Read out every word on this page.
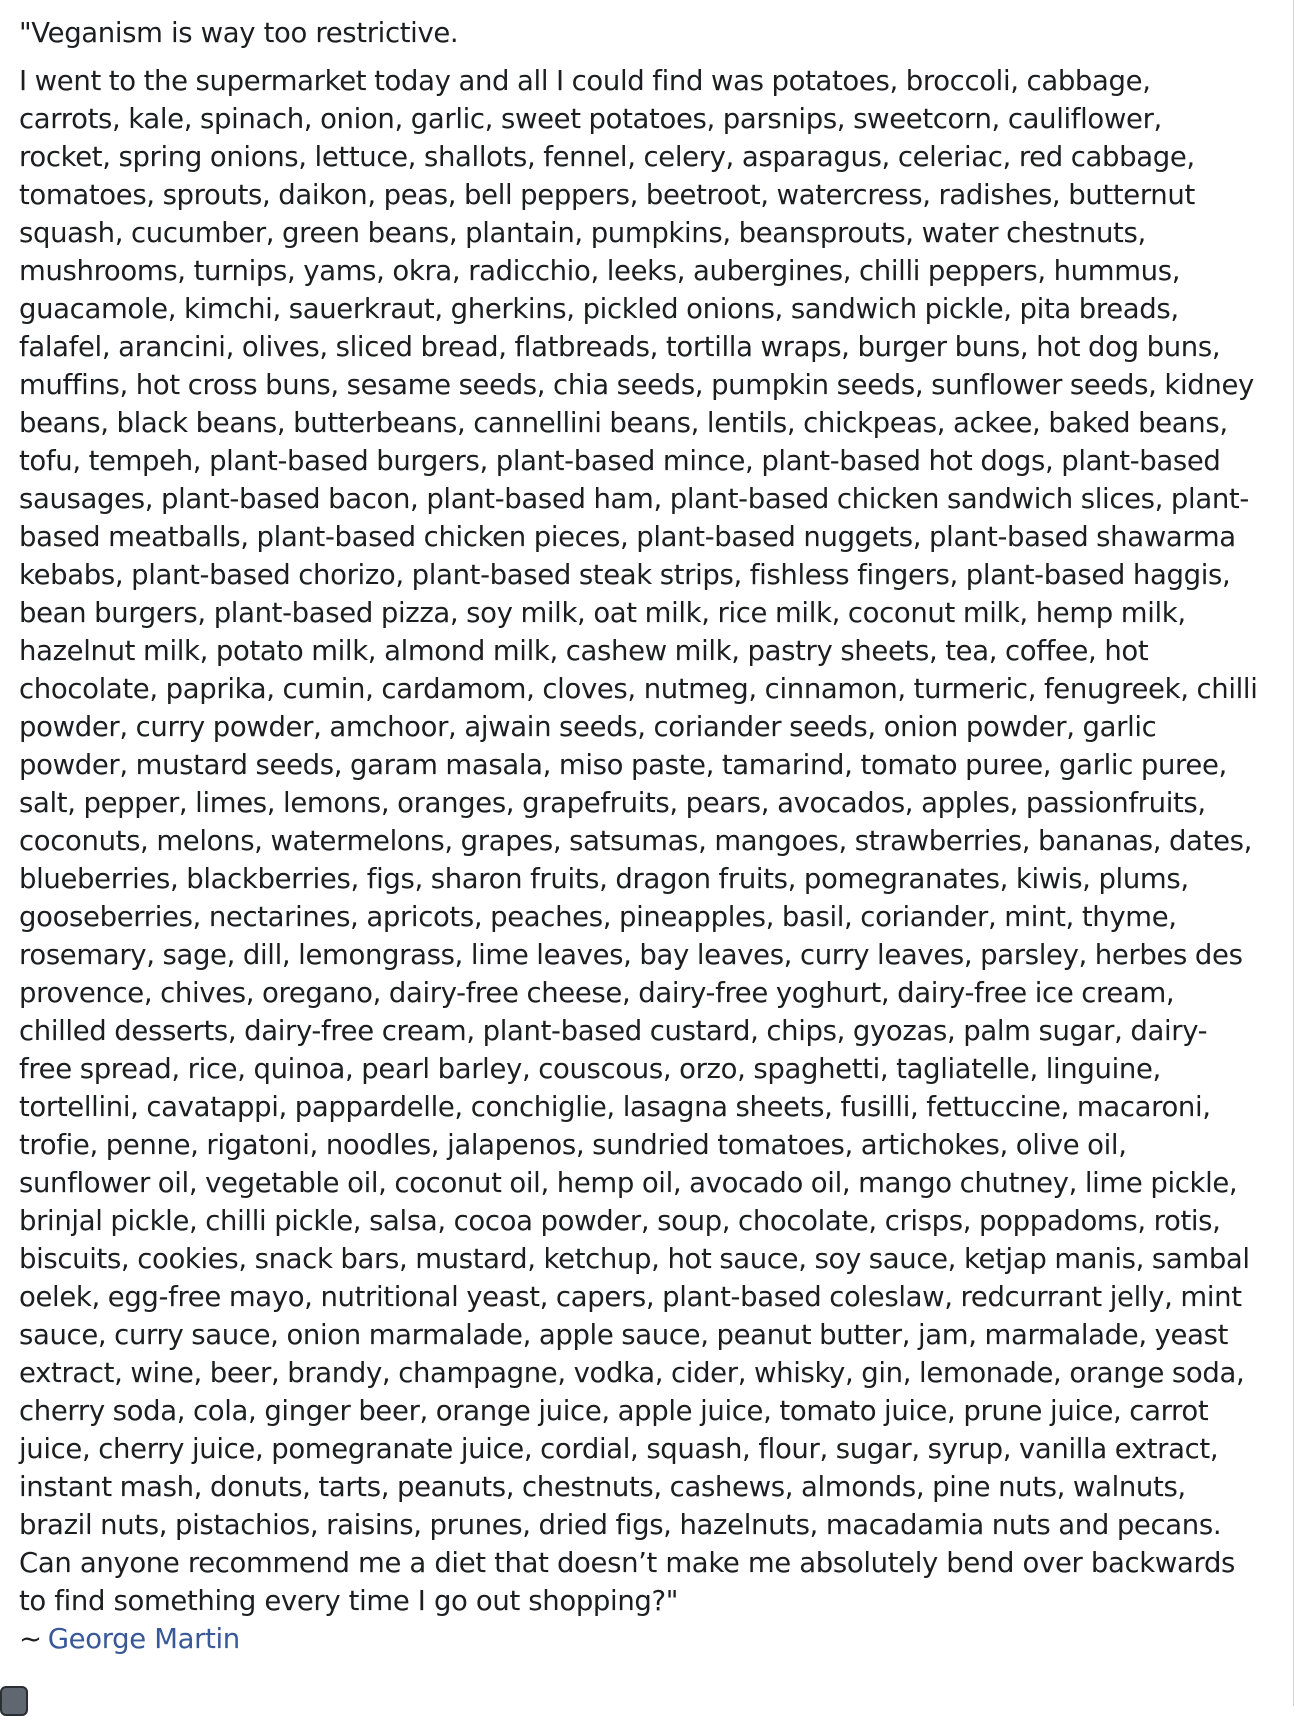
"Veganism is way too restrictive.

I went to the supermarket today and all I could find was potatoes, broccoli, cabbage, carrots, kale, spinach, onion, garlic, sweet potatoes, parsnips, sweetcorn, cauliflower, rocket, spring onions, lettuce, shallots, fennel, celery, asparagus, celeriac, red cabbage, tomatoes, sprouts, daikon, peas, bell peppers, beetroot, watercress, radishes, butternut squash, cucumber, green beans, plantain, pumpkins, beansprouts, water chestnuts, mushrooms, turnips, yams, okra, radicchio, leeks, aubergines, chilli peppers, hummus, guacamole, kimchi, sauerkraut, gherkins, pickled onions, sandwich pickle, pita breads, falafel, arancini, olives, sliced bread, flatbreads, tortilla wraps, burger buns, hot dog buns, muffins, hot cross buns, sesame seeds, chia seeds, pumpkin seeds, sunflower seeds, kidney beans, black beans, butterbeans, cannellini beans, lentils, chickpeas, ackee, baked beans, tofu, tempeh, plant-based burgers, plant-based mince, plant-based hot dogs, plant-based sausages, plant-based bacon, plant-based ham, plant-based chicken sandwich slices, plant-based meatballs, plant-based chicken pieces, plant-based nuggets, plant-based shawarma kebabs, plant-based chorizo, plant-based steak strips, fishless fingers, plant-based haggis, bean burgers, plant-based pizza, soy milk, oat milk, rice milk, coconut milk, hemp milk, hazelnut milk, potato milk, almond milk, cashew milk, pastry sheets, tea, coffee, hot chocolate, paprika, cumin, cardamom, cloves, nutmeg, cinnamon, turmeric, fenugreek, chilli powder, curry powder, amchoor, ajwain seeds, coriander seeds, onion powder, garlic powder, mustard seeds, garam masala, miso paste, tamarind, tomato puree, garlic puree, salt, pepper, limes, lemons, oranges, grapefruits, pears, avocados, apples, passionfruits, coconuts, melons, watermelons, grapes, satsumas, mangoes, strawberries, bananas, dates, blueberries, blackberries, figs, sharon fruits, dragon fruits, pomegranates, kiwis, plums, gooseberries, nectarines, apricots, peaches, pineapples, basil, coriander, mint, thyme, rosemary, sage, dill, lemongrass, lime leaves, bay leaves, curry leaves, parsley, herbes des provence, chives, oregano, dairy-free cheese, dairy-free yoghurt, dairy-free ice cream, chilled desserts, dairy-free cream, plant-based custard, chips, gyozas, palm sugar, dairy-free spread, rice, quinoa, pearl barley, couscous, orzo, spaghetti, tagliatelle, linguine, tortellini, cavatappi, pappardelle, conchiglie, lasagna sheets, fusilli, fettuccine, macaroni, trofie, penne, rigatoni, noodles, jalapenos, sundried tomatoes, artichokes, olive oil, sunflower oil, vegetable oil, coconut oil, hemp oil, avocado oil, mango chutney, lime pickle, brinjal pickle, chilli pickle, salsa, cocoa powder, soup, chocolate, crisps, poppadoms, rotis, biscuits, cookies, snack bars, mustard, ketchup, hot sauce, soy sauce, ketjap manis, sambal oelek, egg-free mayo, nutritional yeast, capers, plant-based coleslaw, redcurrant jelly, mint sauce, curry sauce, onion marmalade, apple sauce, peanut butter, jam, marmalade, yeast extract, wine, beer, brandy, champagne, vodka, cider, whisky, gin, lemonade, orange soda, cherry soda, cola, ginger beer, orange juice, apple juice, tomato juice, prune juice, carrot juice, cherry juice, pomegranate juice, cordial, squash, flour, sugar, syrup, vanilla extract, instant mash, donuts, tarts, peanuts, chestnuts, cashews, almonds, pine nuts, walnuts, brazil nuts, pistachios, raisins, prunes, dried figs, hazelnuts, macadamia nuts and pecans.

Can anyone recommend me a diet that doesn’t make me absolutely bend over backwards to find something every time I go out shopping?"

~ George Martin
